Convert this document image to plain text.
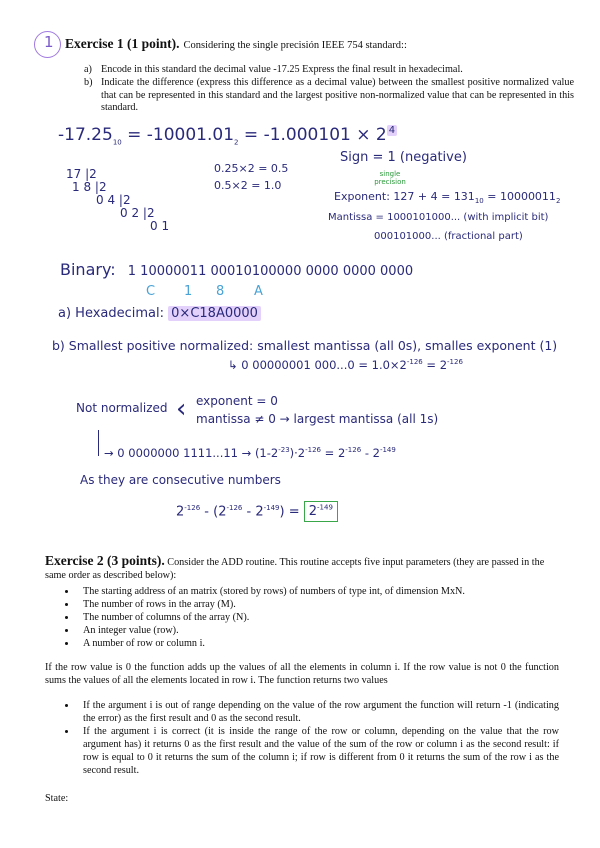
1 Exercise 1 (1 point). Considering the single precisión IEEE 754 standard::
a) Encode in this standard the decimal value -17.25 Express the final result in hexadecimal.
b) Indicate the difference (express this difference as a decimal value) between the smallest positive normalized value that can be represented in this standard and the largest positive non-normalized value that can be represented in this standard.
$-17.25_{10} = -10001.01_2 = -1.000101 \times 2$ $^4$
17 |2
1 8 |2
0 4 |2
0 2 |2
0 1
0.25×2 = 0.5
0.5×2 = 1.0
Sign = 1 (negative)
single precision
Exponent: $127 + 4 = 131_{10} = 10000011_2$
Mantissa = 1000101000... (with implicit bit)
000101000... (fractional part)
Binary: 1 10000011 00010100000 0000 0000 0000
C 1 8 A
a) Hexadecimal: 0×C18A0000
b) Smallest positive normalized: smallest mantissa (all 0s), smalles exponent (1)
↳ 0 00000001 $000...0 = 1.0\times 2^{-126} = 2^{-126}$
Not normalized ‹ exponent = 0
mantissa ≠ 0 → largest mantissa (all 1s)
→ 0 0000000 $1111...11 \to (1-2^{-23})\cdot 2^{-126} = 2^{-126} - 2^{-149}$
As they are consecutive numbers
$2^{-126} - (2^{-126} - 2^{-149}) = 2^{-149}$
Exercise 2 (3 points). Consider the ADD routine. This routine accepts five input parameters (they are passed in the same order as described below):
• The starting address of an matrix (stored by rows) of numbers of type int, of dimension MxN.
• The number of rows in the array (M).
• The number of columns of the array (N).
• An integer value (row).
• A number of row or column i.
If the row value is 0 the function adds up the values of all the elements in column i. If the row value is not 0 the function sums the values of all the elements located in row i. The function returns two values
• If the argument i is out of range depending on the value of the row argument the function will return -1 (indicating the error) as the first result and 0 as the second result.
• If the argument i is correct (it is inside the range of the row or column, depending on the value that the row argument has) it returns 0 as the first result and the value of the sum of the row or column i as the second result: if row is equal to 0 it returns the sum of the column i; if row is different from 0 it returns the sum of the row i as the second result.
State:
